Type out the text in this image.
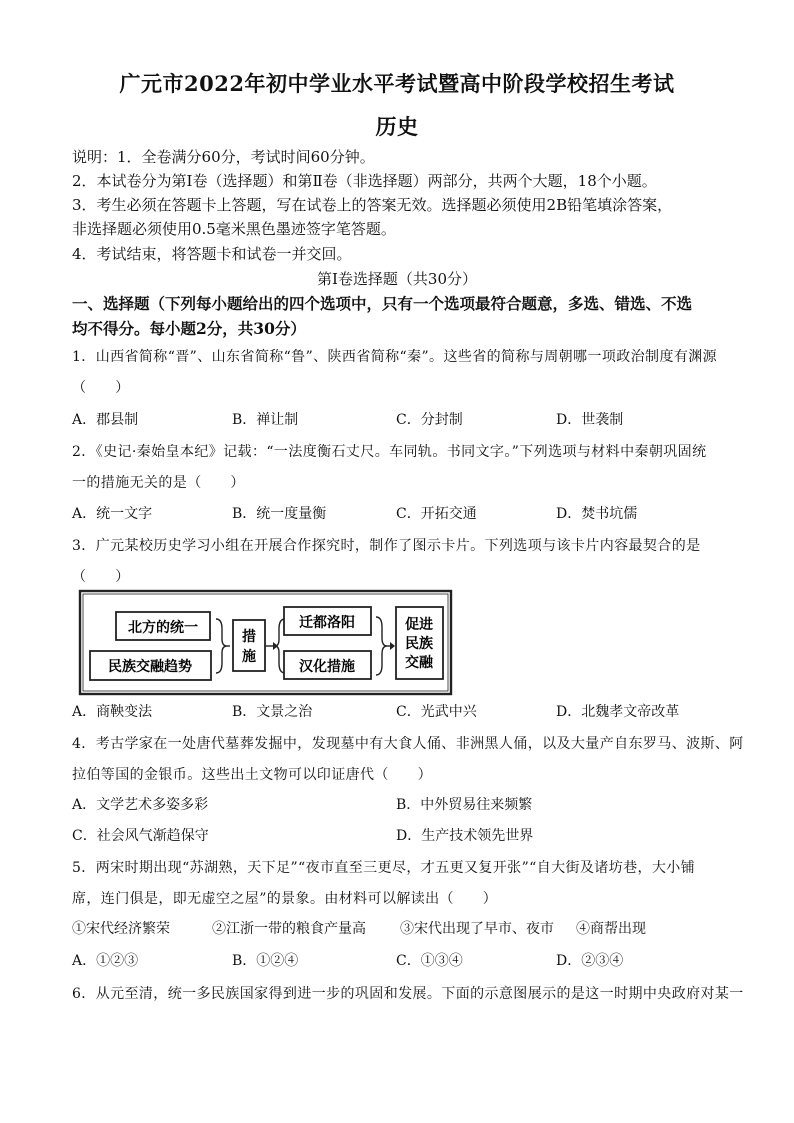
广元市2022年初中学业水平考试暨高中阶段学校招生考试
历史
说明：1．全卷满分60分，考试时间60分钟。
2．本试卷分为第Ⅰ卷（选择题）和第Ⅱ卷（非选择题）两部分，共两个大题，18个小题。
3．考生必须在答题卡上答题，写在试卷上的答案无效。选择题必须使用2B铅笔填涂答案，
非选择题必须使用0.5毫米黑色墨迹签字笔答题。
4．考试结束，将答题卡和试卷一并交回。
第Ⅰ卷选择题（共30分）
一、选择题（下列每小题给出的四个选项中，只有一个选项最符合题意，多选、错选、不选
均不得分。每小题2分，共30分）
1．山西省简称“晋”、山东省简称“鲁”、陕西省简称“秦”。这些省的简称与周朝哪一项政治制度有渊源
（　　）
A．郡县制	B．禅让制	C．分封制	D．世袭制
2．《史记·秦始皇本纪》记载：“一法度衡石丈尺。车同轨。书同文字。”下列选项与材料中秦朝巩固统
一的措施无关的是（　　）
A．统一文字	B．统一度量衡	C．开拓交通	D．焚书坑儒
3．广元某校历史学习小组在开展合作探究时，制作了图示卡片。下列选项与该卡片内容最契合的是
（　　）
北方的统一
民族交融趋势
措施
迁都洛阳
汉化措施
促进民族交融
A．商鞅变法	B．文景之治	C．光武中兴	D．北魏孝文帝改革
4．考古学家在一处唐代墓葬发掘中，发现墓中有大食人俑、非洲黑人俑，以及大量产自东罗马、波斯、阿
拉伯等国的金银币。这些出土文物可以印证唐代（　　）
A．文学艺术多姿多彩	B．中外贸易往来频繁
C．社会风气渐趋保守	D．生产技术领先世界
5．两宋时期出现“苏湖熟，天下足”“夜市直至三更尽，才五更又复开张”“自大街及诸坊巷，大小铺
席，连门俱是，即无虚空之屋”的景象。由材料可以解读出（　　）
①宋代经济繁荣	②江浙一带的粮食产量高 ③宋代出现了早市、夜市 ④商帮出现
A．①②③	B．①②④	C．①③④	D．②③④
6．从元至清，统一多民族国家得到进一步的巩固和发展。下面的示意图展示的是这一时期中央政府对某一
